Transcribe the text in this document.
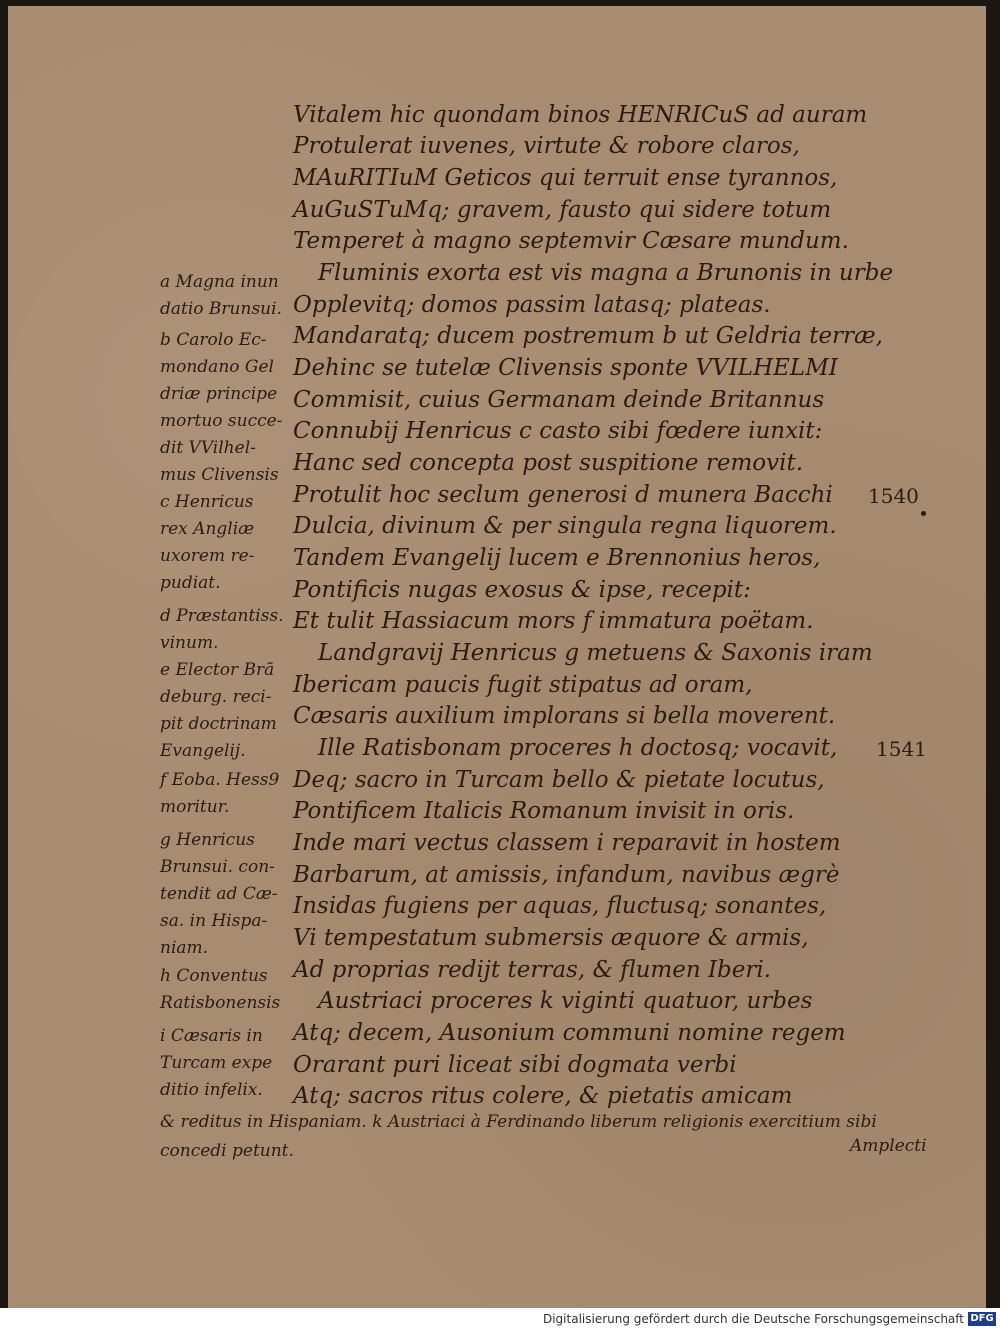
Vitalem hic quondam binos HENRICuS ad auram
Protulerat iuvenes, virtute & robore claros,
MAuRITIuM Geticos qui terruit ense tyrannos,
AuGuSTuMq; gravem, fausto qui sidere totum
Temperet à magno septemvir Cæsare mundum.
Fluminis exorta est vis magna a Brunonis in urbe
Opplevitq; domos passim latasq; plateas.
Mandaratq; ducem postremum b ut Geldria terræ,
Dehinc se tutelæ Clivensis sponte VVILHELMI
Commisit, cuius Germanam deinde Britannus
Connubij Henricus c casto sibi fœdere iunxit:
Hanc sed concepta post suspitione removit.
Protulit hoc seclum generosi d munera Bacchi
Dulcia, divinum & per singula regna liquorem.
Tandem Evangelij lucem e Brennonius heros,
Pontificis nugas exosus & ipse, recepit:
Et tulit Hassiacum mors f immatura poëtam.
Landgravij Henricus g metuens & Saxonis iram
Ibericam paucis fugit stipatus ad oram,
Cæsaris auxilium implorans si bella moverent.
Ille Ratisbonam proceres h doctosq; vocavit,
Deq; sacro in Turcam bello & pietate locutus,
Pontificem Italicis Romanum invisit in oris.
Inde mari vectus classem i reparavit in hostem
Barbarum, at amissis, infandum, navibus ægrè
Insidas fugiens per aquas, fluctusq; sonantes,
Vi tempestatum submersis æquore & armis,
Ad proprias redijt terras, & flumen Iberi.
Austriaci proceres k viginti quatuor, urbes
Atq; decem, Ausonium communi nomine regem
Orarant puri liceat sibi dogmata verbi
Atq; sacros ritus colere, & pietatis amicam
a Magna inun
datio Brunsui.
b Carolo Ec-
mondano Gel
driæ principe
mortuo succe-
dit VVilhel-
mus Clivensis
c Henricus
rex Angliæ
uxorem re-
pudiat.
d Præstantiss.
vinum.
e Elector Brā
deburg. reci-
pit doctrinam
Evangelij.
f Eoba. Hess9
moritur.
g Henricus
Brunsui. con-
tendit ad Cæ-
sa. in Hispa-
niam.
h Conventus
Ratisbonensis
i Cæsaris in
Turcam expe
ditio infelix.
& reditus in Hispaniam. k Austriaci à Ferdinando liberum religionis exercitium sibi
concedi petunt.
1540
1541
Amplecti
Digitalisierung gefördert durch die Deutsche Forschungsgemeinschaft DFG
